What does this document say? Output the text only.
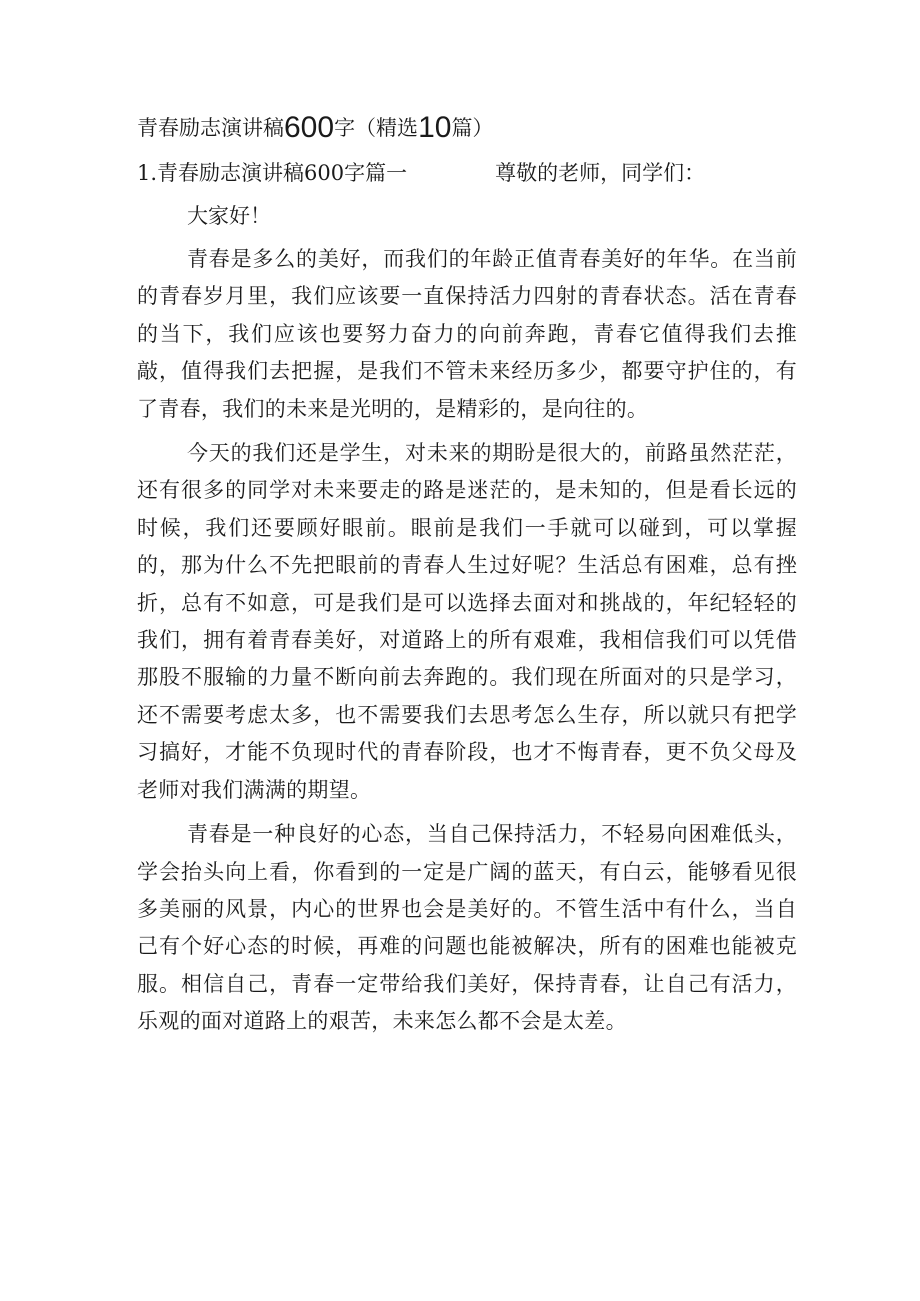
青春励志演讲稿600字（精选10篇）
1.青春励志演讲稿600字篇一	尊敬的老师，同学们：
大家好！

青春是多么的美好，而我们的年龄正值青春美好的年华。在当前的青春岁月里，我们应该要一直保持活力四射的青春状态。活在青春的当下，我们应该也要努力奋力的向前奔跑，青春它值得我们去推敲，值得我们去把握，是我们不管未来经历多少，都要守护住的，有了青春，我们的未来是光明的，是精彩的，是向往的。

今天的我们还是学生，对未来的期盼是很大的，前路虽然茫茫，还有很多的同学对未来要走的路是迷茫的，是未知的，但是看长远的时候，我们还要顾好眼前。眼前是我们一手就可以碰到，可以掌握的，那为什么不先把眼前的青春人生过好呢？生活总有困难，总有挫折，总有不如意，可是我们是可以选择去面对和挑战的，年纪轻轻的我们，拥有着青春美好，对道路上的所有艰难，我相信我们可以凭借那股不服输的力量不断向前去奔跑的。我们现在所面对的只是学习，还不需要考虑太多，也不需要我们去思考怎么生存，所以就只有把学习搞好，才能不负现时代的青春阶段，也才不悔青春，更不负父母及老师对我们满满的期望。

青春是一种良好的心态，当自己保持活力，不轻易向困难低头，学会抬头向上看，你看到的一定是广阔的蓝天，有白云，能够看见很多美丽的风景，内心的世界也会是美好的。不管生活中有什么，当自己有个好心态的时候，再难的问题也能被解决，所有的困难也能被克服。相信自己，青春一定带给我们美好，保持青春，让自己有活力，乐观的面对道路上的艰苦，未来怎么都不会是太差。
